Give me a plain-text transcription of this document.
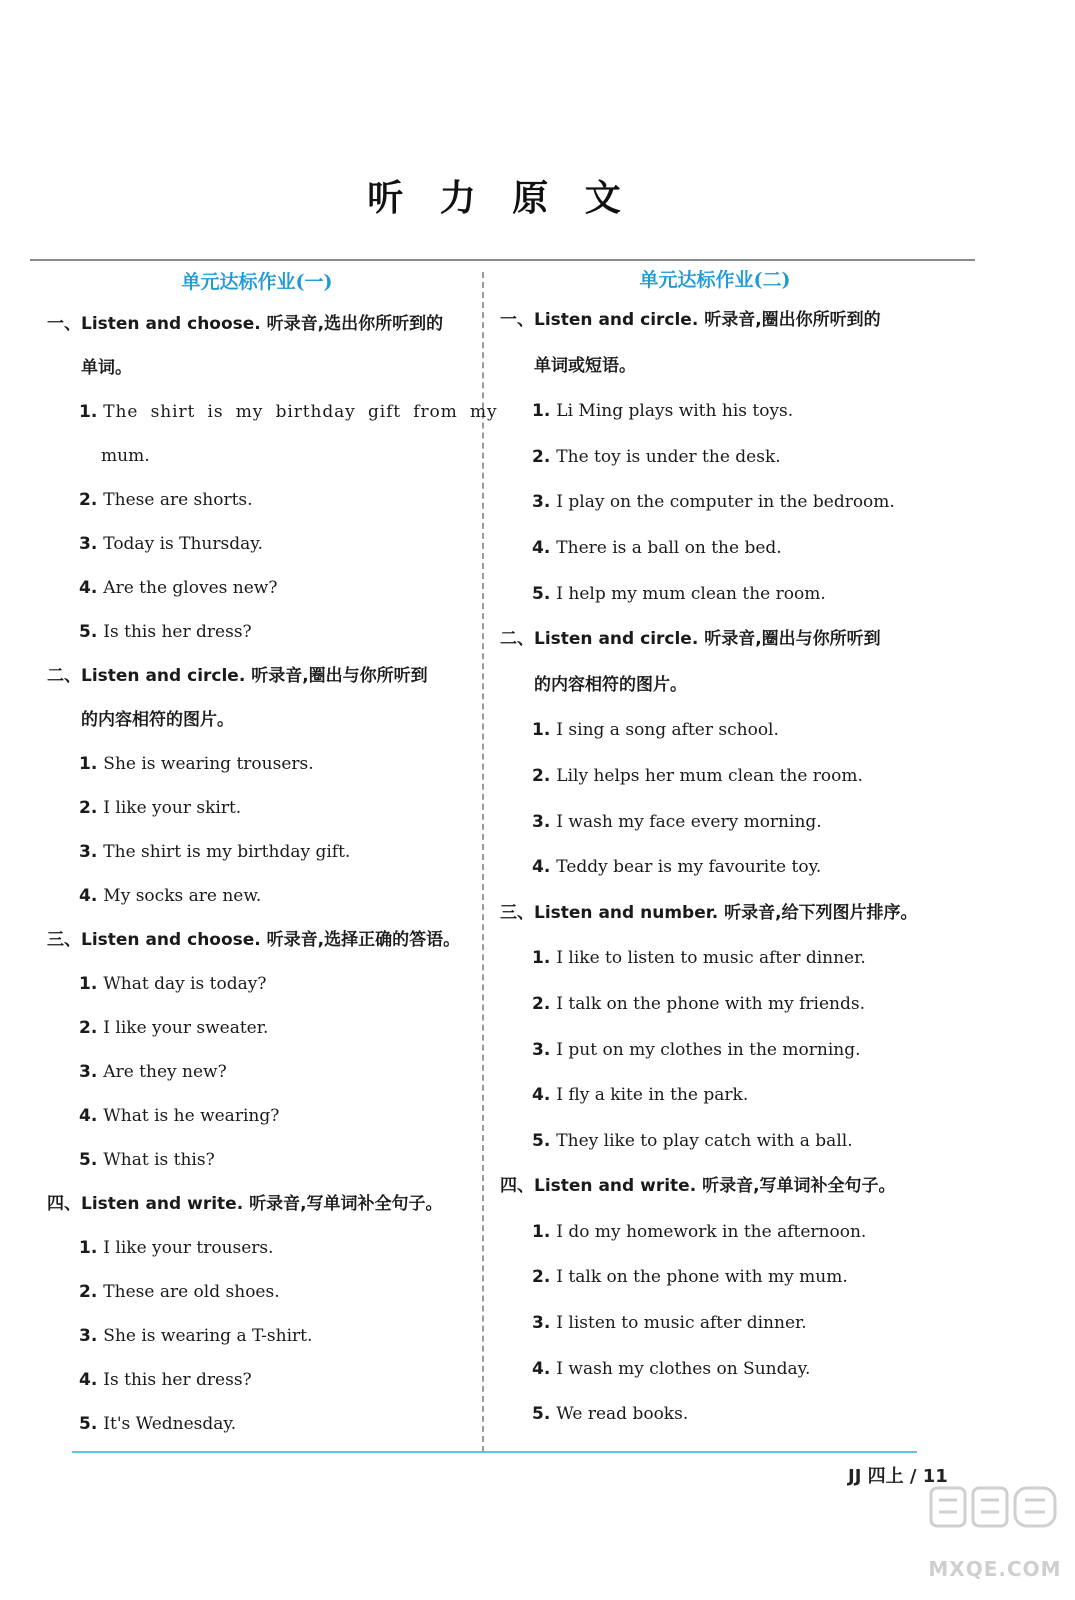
听 力 原 文
单元达标作业(一)
一、Listen and choose. 听录音,选出你所听到的
单词。
1. The shirt is my birthday gift from my
mum.
2. These are shorts.
3. Today is Thursday.
4. Are the gloves new?
5. Is this her dress?
二、Listen and circle. 听录音,圈出与你所听到
的内容相符的图片。
1. She is wearing trousers.
2. I like your skirt.
3. The shirt is my birthday gift.
4. My socks are new.
三、Listen and choose. 听录音,选择正确的答语。
1. What day is today?
2. I like your sweater.
3. Are they new?
4. What is he wearing?
5. What is this?
四、Listen and write. 听录音,写单词补全句子。
1. I like your trousers.
2. These are old shoes.
3. She is wearing a T-shirt.
4. Is this her dress?
5. It's Wednesday.
单元达标作业(二)
一、Listen and circle. 听录音,圈出你所听到的
单词或短语。
1. Li Ming plays with his toys.
2. The toy is under the desk.
3. I play on the computer in the bedroom.
4. There is a ball on the bed.
5. I help my mum clean the room.
二、Listen and circle. 听录音,圈出与你所听到
的内容相符的图片。
1. I sing a song after school.
2. Lily helps her mum clean the room.
3. I wash my face every morning.
4. Teddy bear is my favourite toy.
三、Listen and number. 听录音,给下列图片排序。
1. I like to listen to music after dinner.
2. I talk on the phone with my friends.
3. I put on my clothes in the morning.
4. I fly a kite in the park.
5. They like to play catch with a ball.
四、Listen and write. 听录音,写单词补全句子。
1. I do my homework in the afternoon.
2. I talk on the phone with my mum.
3. I listen to music after dinner.
4. I wash my clothes on Sunday.
5. We read books.
JJ 四上 / 11
MXQE.COM
